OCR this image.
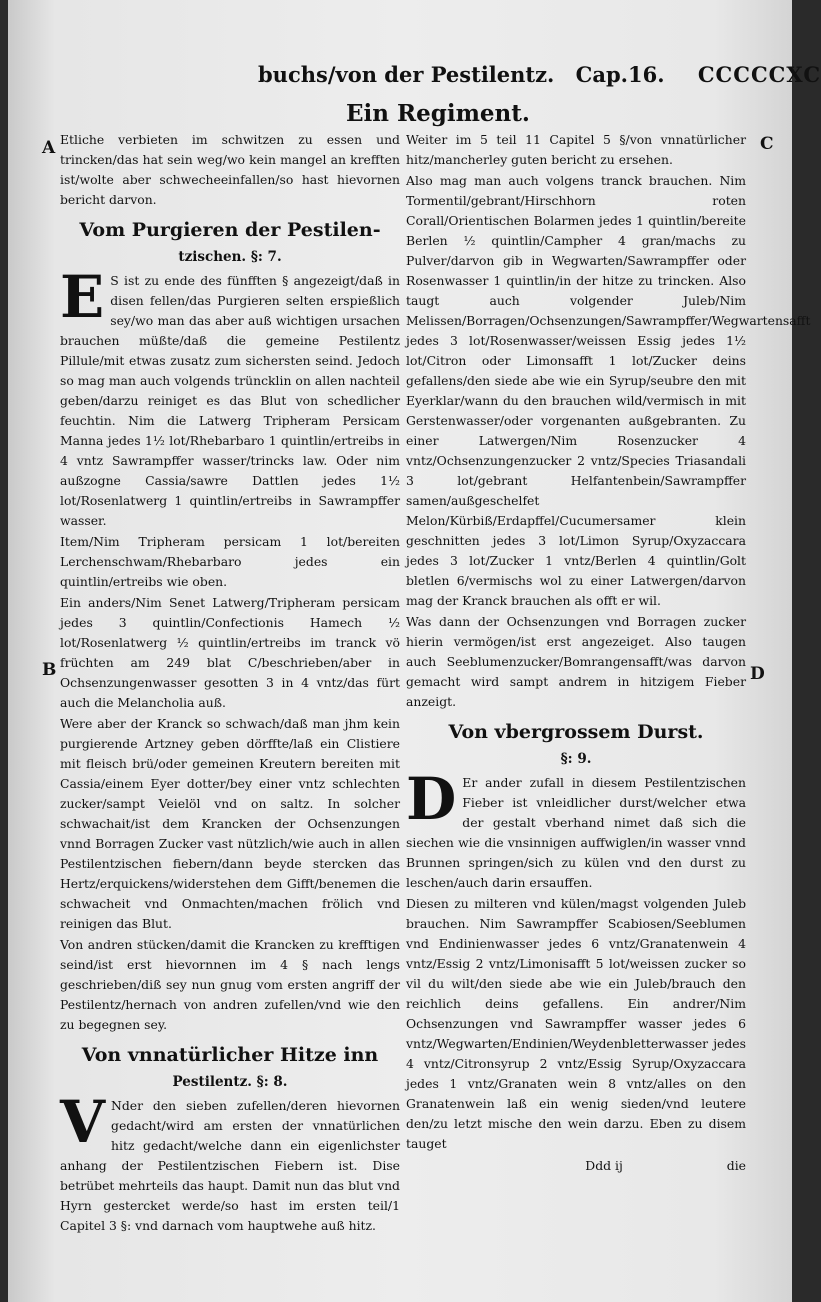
buchs/von der Pestilentz. Cap.16. CCCCCXC
Ein Regiment.
A
B
C
D

Etliche verbieten im schwitzen zu essen und trincken/das hat sein weg/wo kein mangel an krefften ist/wolte aber schwecheeinfallen/so hast hievornen bericht darvon.

Vom Purgieren der Pestilen-
tzischen. §: 7.

E S ist zu ende des fünfften § angezeigt/daß in disen fellen/das Purgieren selten erspießlich sey/wo man das aber auß wichtigen ursachen brauchen müßte/daß die gemeine Pestilentz Pillule/mit etwas zusatz zum sichersten seind. Jedoch so mag man auch volgends trüncklin on allen nachteil geben/darzu reiniget es das Blut von schedlicher feuchtin. Nim die Latwerg Tripheram Persicam Manna jedes 1½ lot/Rhebarbaro 1 quintlin/ertreibs in 4 vntz Sawrampffer wasser/trincks law. Oder nim außzogne Cassia/sawre Dattlen jedes 1½ lot/Rosenlatwerg 1 quintlin/ertreibs in Sawrampffer wasser.

Item/Nim Tripheram persicam 1 lot/bereiten Lerchenschwam/Rhebarbaro jedes ein quintlin/ertreibs wie oben.

Ein anders/Nim Senet Latwerg/Tripheram persicam jedes 3 quintlin/Confectionis Hamech ½ lot/Rosenlatwerg ½ quintlin/ertreibs im tranck vö früchten am 249 blat C/beschrieben/aber in Ochsenzungenwasser gesotten 3 in 4 vntz/das fürt auch die Melancholia auß.

Were aber der Kranck so schwach/daß man jhm kein purgierende Artzney geben dörffte/laß ein Clistiere mit fleisch brü/oder gemeinen Kreutern bereiten mit Cassia/einem Eyer dotter/bey einer vntz schlechten zucker/sampt Veielöl vnd on saltz. In solcher schwachait/ist dem Krancken der Ochsenzungen vnnd Borragen Zucker vast nützlich/wie auch in allen Pestilentzischen fiebern/dann beyde stercken das Hertz/erquickens/widerstehen dem Gifft/benemen die schwacheit vnd Onmachten/machen frölich vnd reinigen das Blut.

Von andren stücken/damit die Krancken zu krefftigen seind/ist erst hievornnen im 4 § nach lengs geschrieben/diß sey nun gnug vom ersten angriff der Pestilentz/hernach von andren zufellen/vnd wie den zu begegnen sey.

Von vnnatürlicher Hitze inn
Pestilentz. §: 8.

V Nder den sieben zufellen/deren hievornen gedacht/wird am ersten der vnnatürlichen hitz gedacht/welche dann ein eigenlichster anhang der Pestilentzischen Fiebern ist. Dise betrübet mehrteils das haupt. Damit nun das blut vnd Hyrn gestercket werde/so hast im ersten teil/1 Capitel 3 §: vnd darnach vom hauptwehe auß hitz.

Weiter im 5 teil 11 Capitel 5 §/von vnnatürlicher hitz/mancherley guten bericht zu ersehen.

Also mag man auch volgens tranck brauchen. Nim Tormentil/gebrant/Hirschhorn roten Corall/Orientischen Bolarmen jedes 1 quintlin/bereite Berlen ½ quintlin/Campher 4 gran/machs zu Pulver/darvon gib in Wegwarten/Sawrampffer oder Rosenwasser 1 quintlin/in der hitze zu trincken. Also taugt auch volgender Juleb/Nim Melissen/Borragen/Ochsenzungen/Sawrampffer/Wegwartensafft jedes 3 lot/Rosenwasser/weissen Essig jedes 1½ lot/Citron oder Limonsafft 1 lot/Zucker deins gefallens/den siede abe wie ein Syrup/seubre den mit Eyerklar/wann du den brauchen wild/vermisch in mit Gerstenwasser/oder vorgenanten außgebranten. Zu einer Latwergen/Nim Rosenzucker 4 vntz/Ochsenzungenzucker 2 vntz/Species Triasandali 3 lot/gebrant Helfantenbein/Sawrampffer samen/außgeschelfet Melon/Kürbiß/Erdapffel/Cucumersamer klein geschnitten jedes 3 lot/Limon Syrup/Oxyzaccara jedes 3 lot/Zucker 1 vntz/Berlen 4 quintlin/Golt bletlen 6/vermischs wol zu einer Latwergen/darvon mag der Kranck brauchen als offt er wil.

Was dann der Ochsenzungen vnd Borragen zucker hierin vermögen/ist erst angezeiget. Also taugen auch Seeblumenzucker/Bomrangensafft/was darvon gemacht wird sampt andrem in hitzigem Fieber anzeigt.

Von vbergrossem Durst.
§: 9.

D Er ander zufall in diesem Pestilentzischen Fieber ist vnleidlicher durst/welcher etwa der gestalt vberhand nimet daß sich die siechen wie die vnsinnigen auffwiglen/in wasser vnnd Brunnen springen/sich zu külen vnd den durst zu leschen/auch darin ersauffen.

Diesen zu milteren vnd külen/magst volgenden Juleb brauchen. Nim Sawrampffer Scabiosen/Seeblumen vnd Endinienwasser jedes 6 vntz/Granatenwein 4 vntz/Essig 2 vntz/Limonisafft 5 lot/weissen zucker so vil du wilt/den siede abe wie ein Juleb/brauch den reichlich deins gefallens. Ein andrer/Nim Ochsenzungen vnd Sawrampffer wasser jedes 6 vntz/Wegwarten/Endinien/Weydenbletterwasser jedes 4 vntz/Citronsyrup 2 vntz/Essig Syrup/Oxyzaccara jedes 1 vntz/Granaten wein 8 vntz/alles on den Granatenwein laß ein wenig sieden/vnd leutere den/zu letzt mische den wein darzu. Eben zu disem tauget

Ddd ij	die
